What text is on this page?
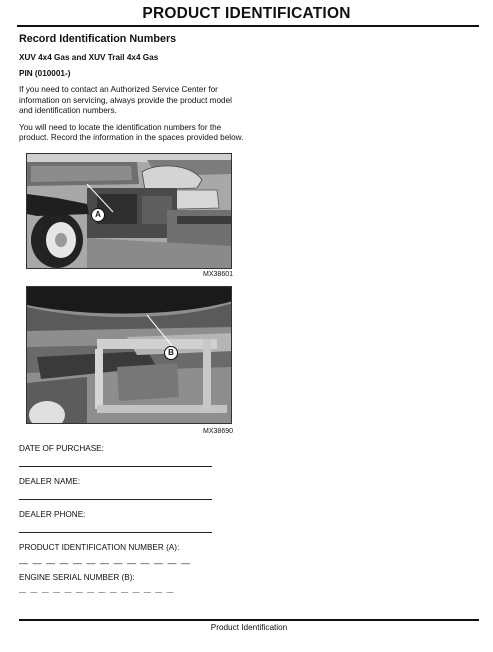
PRODUCT IDENTIFICATION
Record Identification Numbers
XUV 4x4 Gas and XUV Trail 4x4 Gas
PIN (010001-)
If you need to contact an Authorized Service Center for information on servicing, always provide the product model and identification numbers.
You will need to locate the identification numbers for the product. Record the information in the spaces provided below.
A
MX38601
B
MX38690
DATE OF PURCHASE:
DEALER NAME:
DEALER PHONE:
PRODUCT IDENTIFICATION NUMBER (A):
— — — — — — — — — — — — —
ENGINE SERIAL NUMBER (B):
— — — — — — — — — — — — — —
Product Identification
